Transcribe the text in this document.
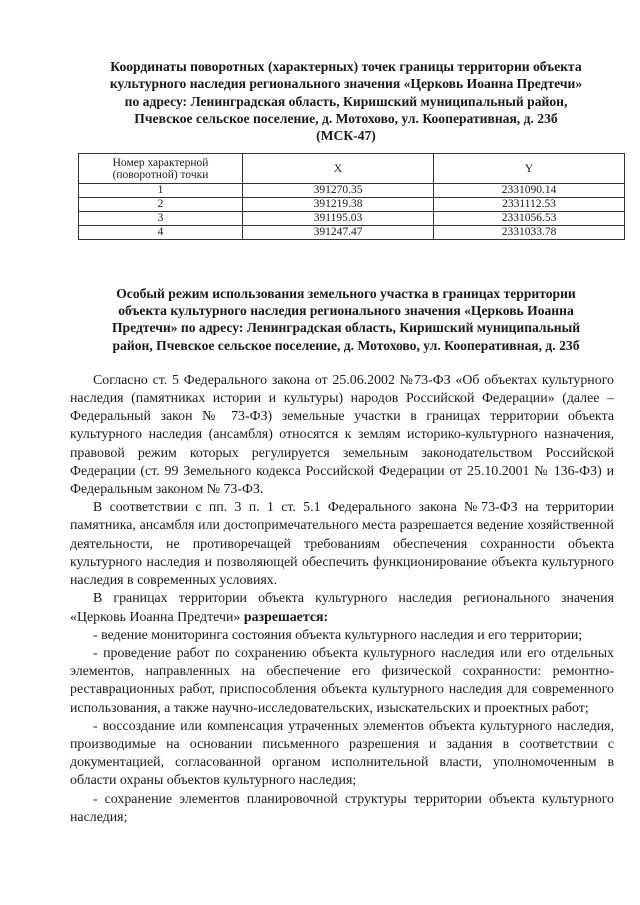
Координаты поворотных (характерных) точек границы территории объекта
культурного наследия регионального значения «Церковь Иоанна Предтечи»
по адресу: Ленинградская область, Киришский муниципальный район,
Пчевское сельское поселение, д. Мотохово, ул. Кооперативная, д. 23б
(МСК-47)
Номер характерной (поворотной) точки	X	Y
1	391270.35	2331090.14
2	391219.38	2331112.53
3	391195.03	2331056.53
4	391247.47	2331033.78
Особый режим использования земельного участка в границах территории
объекта культурного наследия регионального значения «Церковь Иоанна
Предтечи» по адресу: Ленинградская область, Киришский муниципальный
район, Пчевское сельское поселение, д. Мотохово, ул. Кооперативная, д. 23б

Согласно ст. 5 Федерального закона от 25.06.2002 №73-ФЗ «Об объектах культурного наследия (памятниках истории и культуры) народов Российской Федерации» (далее – Федеральный закон № 73-ФЗ) земельные участки в границах территории объекта культурного наследия (ансамбля) относятся к землям историко-культурного назначения, правовой режим которых регулируется земельным законодательством Российской Федерации (ст. 99 Земельного кодекса Российской Федерации от 25.10.2001 № 136-ФЗ) и Федеральным законом № 73-ФЗ.

В соответствии с пп. 3 п. 1 ст. 5.1 Федерального закона №73-ФЗ на территории памятника, ансамбля или достопримечательного места разрешается ведение хозяйственной деятельности, не противоречащей требованиям обеспечения сохранности объекта культурного наследия и позволяющей обеспечить функционирование объекта культурного наследия в современных условиях.

В границах территории объекта культурного наследия регионального значения «Церковь Иоанна Предтечи» разрешается:

- ведение мониторинга состояния объекта культурного наследия и его территории;

- проведение работ по сохранению объекта культурного наследия или его отдельных элементов, направленных на обеспечение его физической сохранности: ремонтно-реставрационных работ, приспособления объекта культурного наследия для современного использования, а также научно-исследовательских, изыскательских и проектных работ;

- воссоздание или компенсация утраченных элементов объекта культурного наследия, производимые на основании письменного разрешения и задания в соответствии с документацией, согласованной органом исполнительной власти, уполномоченным в области охраны объектов культурного наследия;

- сохранение элементов планировочной структуры территории объекта культурного наследия;
